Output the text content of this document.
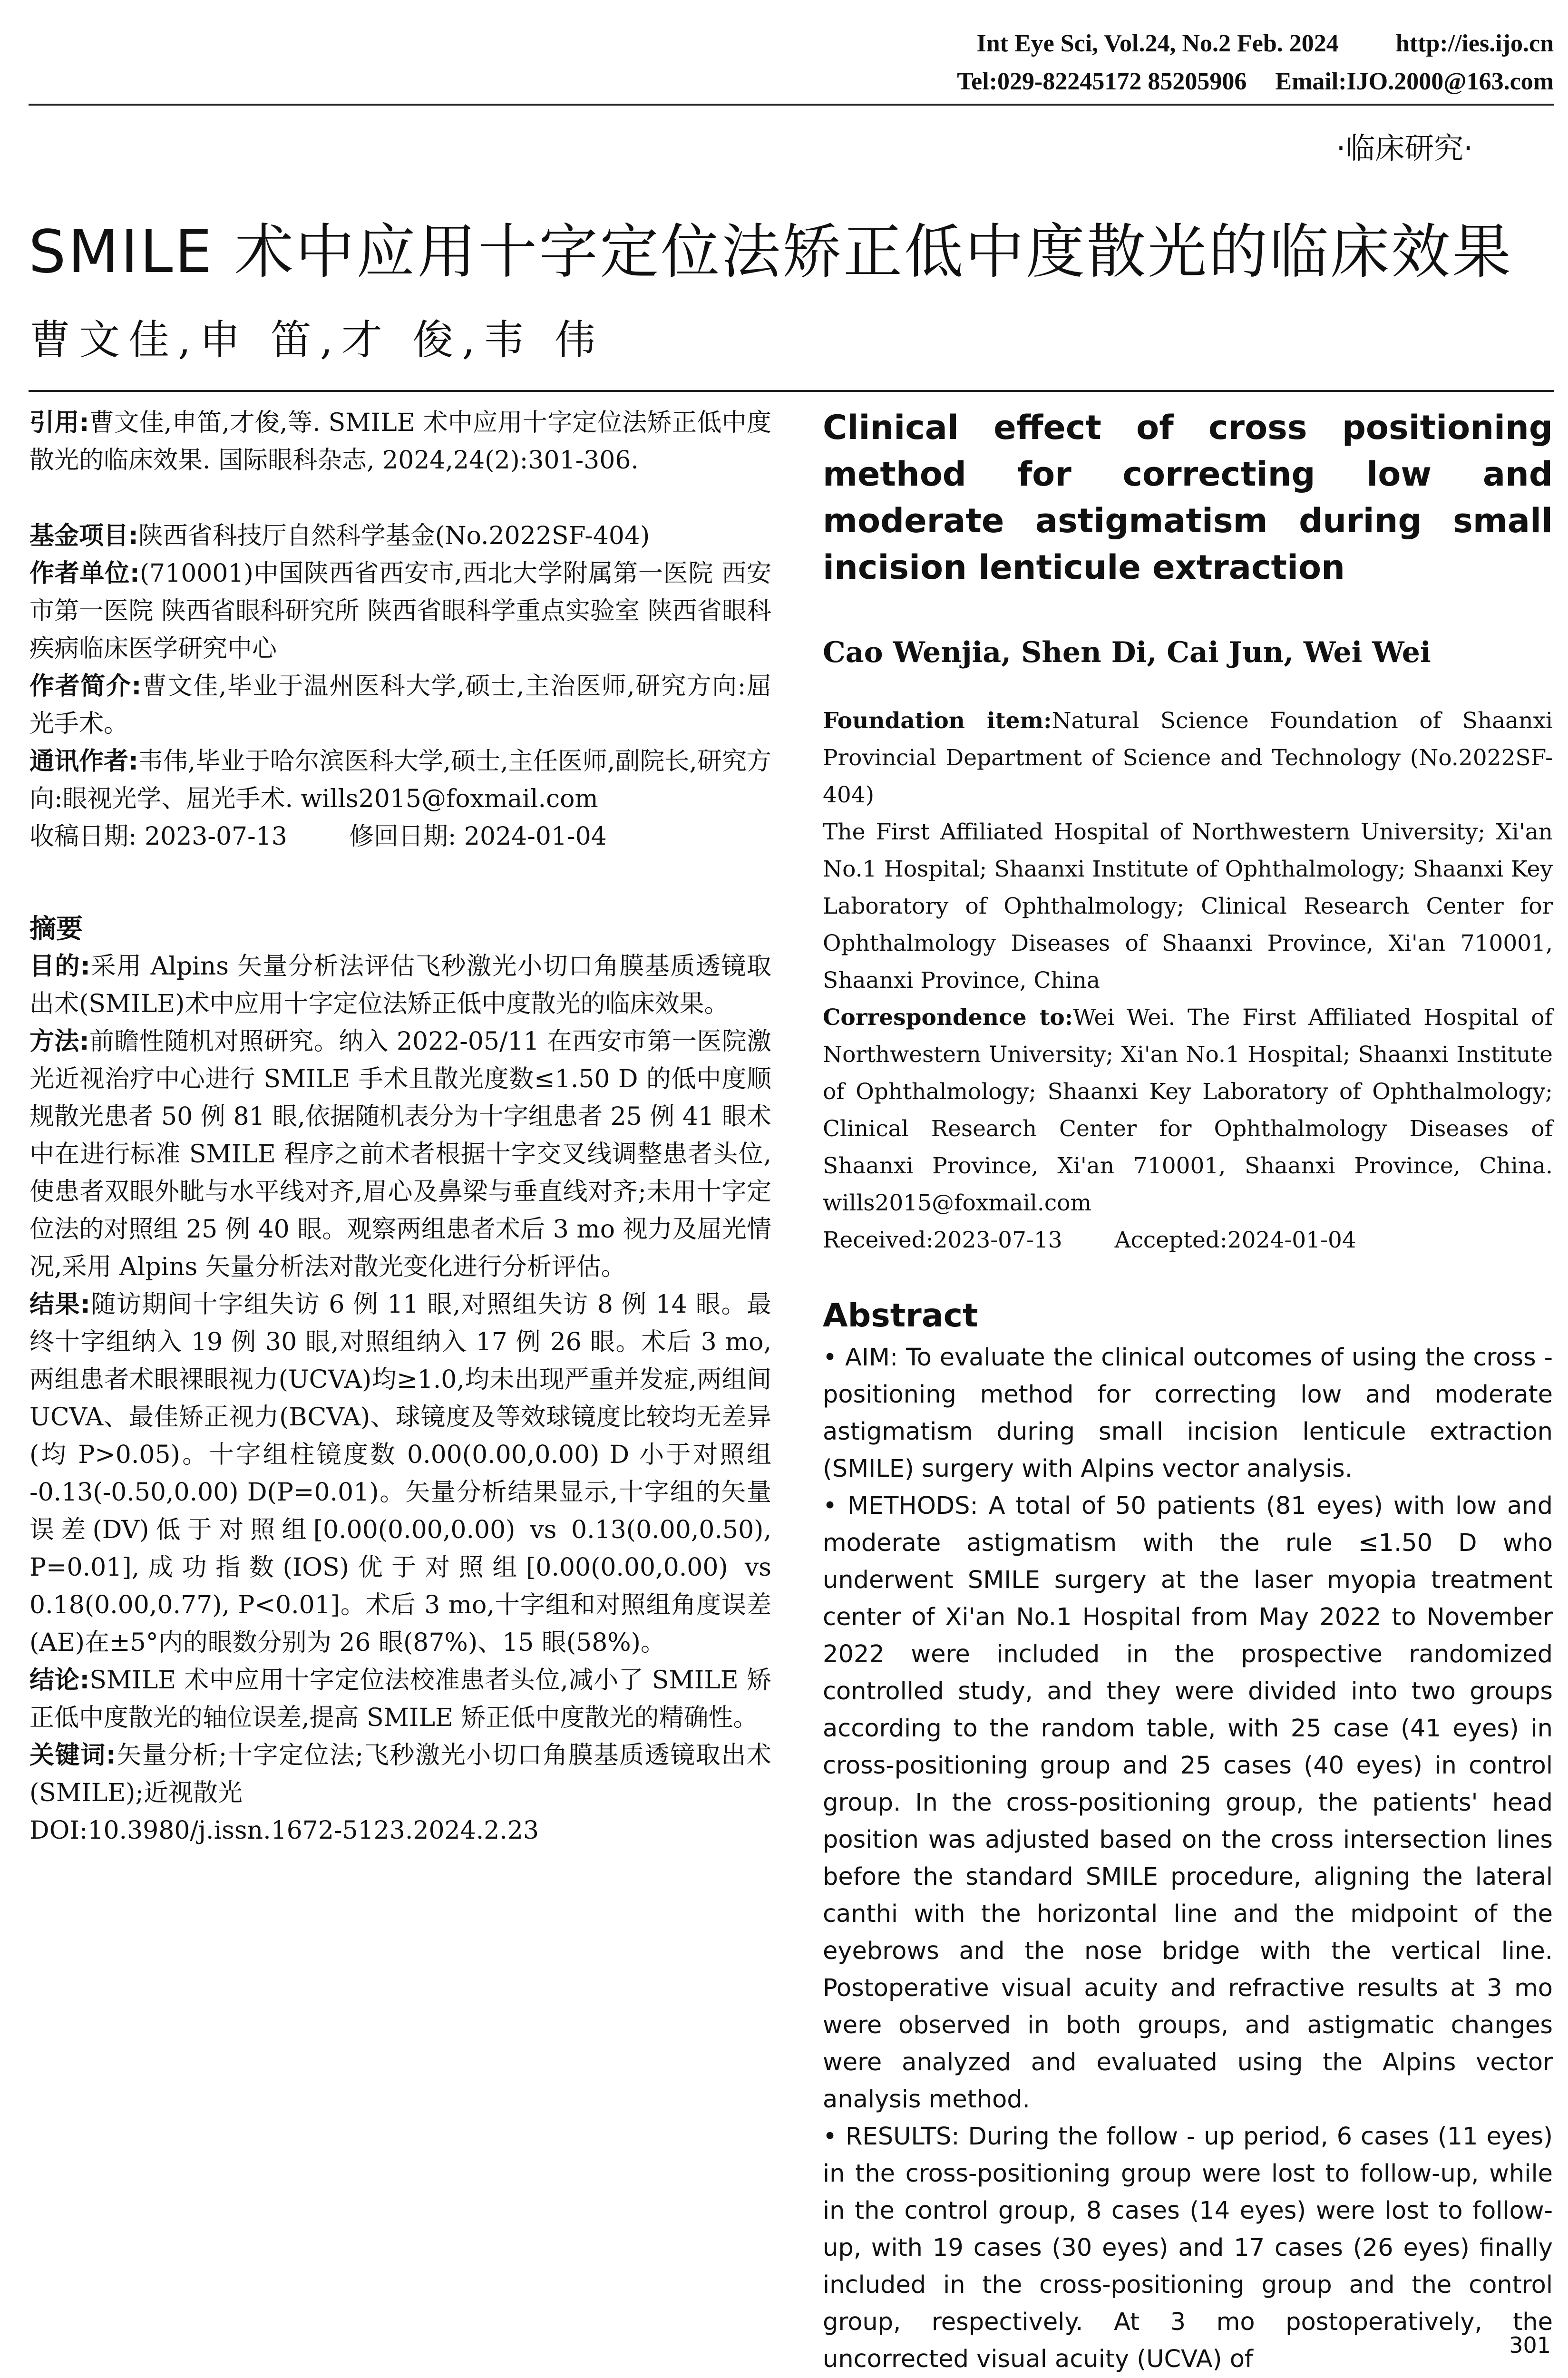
Int Eye Sci, Vol.24, No.2 Feb. 2024 http://ies.ijo.cn
Tel:029-82245172 85205906 Email:IJO.2000@163.com
·临床研究·
SMILE 术中应用十字定位法矫正低中度散光的临床效果
曹文佳,申 笛,才 俊,韦 伟

引用:曹文佳,申笛,才俊,等. SMILE 术中应用十字定位法矫正低中度散光的临床效果. 国际眼科杂志, 2024,24(2):301-306.

基金项目:陕西省科技厅自然科学基金(No.2022SF-404)

作者单位:(710001)中国陕西省西安市,西北大学附属第一医院 西安市第一医院 陕西省眼科研究所 陕西省眼科学重点实验室 陕西省眼科疾病临床医学研究中心

作者简介:曹文佳,毕业于温州医科大学,硕士,主治医师,研究方向:屈光手术。

通讯作者:韦伟,毕业于哈尔滨医科大学,硕士,主任医师,副院长,研究方向:眼视光学、屈光手术. wills2015@foxmail.com

收稿日期: 2023-07-13	修回日期: 2024-01-04

摘要

目的:采用 Alpins 矢量分析法评估飞秒激光小切口角膜基质透镜取出术(SMILE)术中应用十字定位法矫正低中度散光的临床效果。

方法:前瞻性随机对照研究。纳入 2022-05/11 在西安市第一医院激光近视治疗中心进行 SMILE 手术且散光度数≤1.50 D 的低中度顺规散光患者 50 例 81 眼,依据随机表分为十字组患者 25 例 41 眼术中在进行标准 SMILE 程序之前术者根据十字交叉线调整患者头位,使患者双眼外眦与水平线对齐,眉心及鼻梁与垂直线对齐;未用十字定位法的对照组 25 例 40 眼。观察两组患者术后 3 mo 视力及屈光情况,采用 Alpins 矢量分析法对散光变化进行分析评估。

结果:随访期间十字组失访 6 例 11 眼,对照组失访 8 例 14 眼。最终十字组纳入 19 例 30 眼,对照组纳入 17 例 26 眼。术后 3 mo,两组患者术眼裸眼视力(UCVA)均≥1.0,均未出现严重并发症,两组间 UCVA、最佳矫正视力(BCVA)、球镜度及等效球镜度比较均无差异(均 P>0.05)。十字组柱镜度数 0.00(0.00,0.00) D 小于对照组 -0.13(-0.50,0.00) D(P=0.01)。矢量分析结果显示,十字组的矢量误差(DV)低于对照组[0.00(0.00,0.00) vs 0.13(0.00,0.50), P=0.01],成功指数(IOS)优于对照组[0.00(0.00,0.00) vs 0.18(0.00,0.77), P<0.01]。术后 3 mo,十字组和对照组角度误差(AE)在±5°内的眼数分别为 26 眼(87%)、15 眼(58%)。

结论:SMILE 术中应用十字定位法校准患者头位,减小了 SMILE 矫正低中度散光的轴位误差,提高 SMILE 矫正低中度散光的精确性。

关键词:矢量分析;十字定位法;飞秒激光小切口角膜基质透镜取出术(SMILE);近视散光

DOI:10.3980/j.issn.1672-5123.2024.2.23

Clinical effect of cross positioning method for correcting low and moderate astigmatism during small incision lenticule extraction

Cao Wenjia, Shen Di, Cai Jun, Wei Wei

Foundation item:Natural Science Foundation of Shaanxi Provincial Department of Science and Technology (No.2022SF-404)

The First Affiliated Hospital of Northwestern University; Xi'an No.1 Hospital; Shaanxi Institute of Ophthalmology; Shaanxi Key Laboratory of Ophthalmology; Clinical Research Center for Ophthalmology Diseases of Shaanxi Province, Xi'an 710001, Shaanxi Province, China

Correspondence to:Wei Wei. The First Affiliated Hospital of Northwestern University; Xi'an No.1 Hospital; Shaanxi Institute of Ophthalmology; Shaanxi Key Laboratory of Ophthalmology; Clinical Research Center for Ophthalmology Diseases of Shaanxi Province, Xi'an 710001, Shaanxi Province, China. wills2015@foxmail.com

Received:2023-07-13 Accepted:2024-01-04

Abstract

• AIM: To evaluate the clinical outcomes of using the cross - positioning method for correcting low and moderate astigmatism during small incision lenticule extraction (SMILE) surgery with Alpins vector analysis.

• METHODS: A total of 50 patients (81 eyes) with low and moderate astigmatism with the rule ≤1.50 D who underwent SMILE surgery at the laser myopia treatment center of Xi'an No.1 Hospital from May 2022 to November 2022 were included in the prospective randomized controlled study, and they were divided into two groups according to the random table, with 25 case (41 eyes) in cross-positioning group and 25 cases (40 eyes) in control group. In the cross-positioning group, the patients' head position was adjusted based on the cross intersection lines before the standard SMILE procedure, aligning the lateral canthi with the horizontal line and the midpoint of the eyebrows and the nose bridge with the vertical line. Postoperative visual acuity and refractive results at 3 mo were observed in both groups, and astigmatic changes were analyzed and evaluated using the Alpins vector analysis method.

• RESULTS: During the follow - up period, 6 cases (11 eyes) in the cross-positioning group were lost to follow-up, while in the control group, 8 cases (14 eyes) were lost to follow-up, with 19 cases (30 eyes) and 17 cases (26 eyes) finally included in the cross-positioning group and the control group, respectively. At 3 mo postoperatively, the uncorrected visual acuity (UCVA) of	301
